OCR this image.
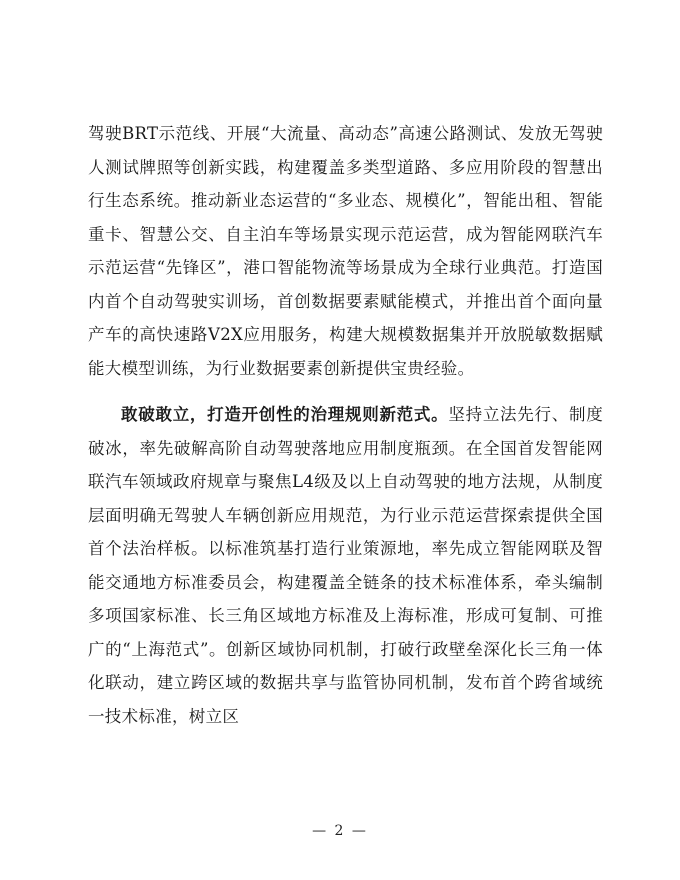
驾驶BRT示范线、开展“大流量、高动态”高速公路测试、发放无驾驶人测试牌照等创新实践，构建覆盖多类型道路、多应用阶段的智慧出行生态系统。推动新业态运营的“多业态、规模化”，智能出租、智能重卡、智慧公交、自主泊车等场景实现示范运营，成为智能网联汽车示范运营“先锋区”，港口智能物流等场景成为全球行业典范。打造国内首个自动驾驶实训场，首创数据要素赋能模式，并推出首个面向量产车的高快速路V2X应用服务，构建大规模数据集并开放脱敏数据赋能大模型训练，为行业数据要素创新提供宝贵经验。

敢破敢立，打造开创性的治理规则新范式。坚持立法先行、制度破冰，率先破解高阶自动驾驶落地应用制度瓶颈。在全国首发智能网联汽车领域政府规章与聚焦L4级及以上自动驾驶的地方法规，从制度层面明确无驾驶人车辆创新应用规范，为行业示范运营探索提供全国首个法治样板。以标准筑基打造行业策源地，率先成立智能网联及智能交通地方标准委员会，构建覆盖全链条的技术标准体系，牵头编制多项国家标准、长三角区域地方标准及上海标准，形成可复制、可推广的“上海范式”。创新区域协同机制，打破行政壁垒深化长三角一体化联动，建立跨区域的数据共享与监管协同机制，发布首个跨省域统一技术标准，树立区

— 2 —
